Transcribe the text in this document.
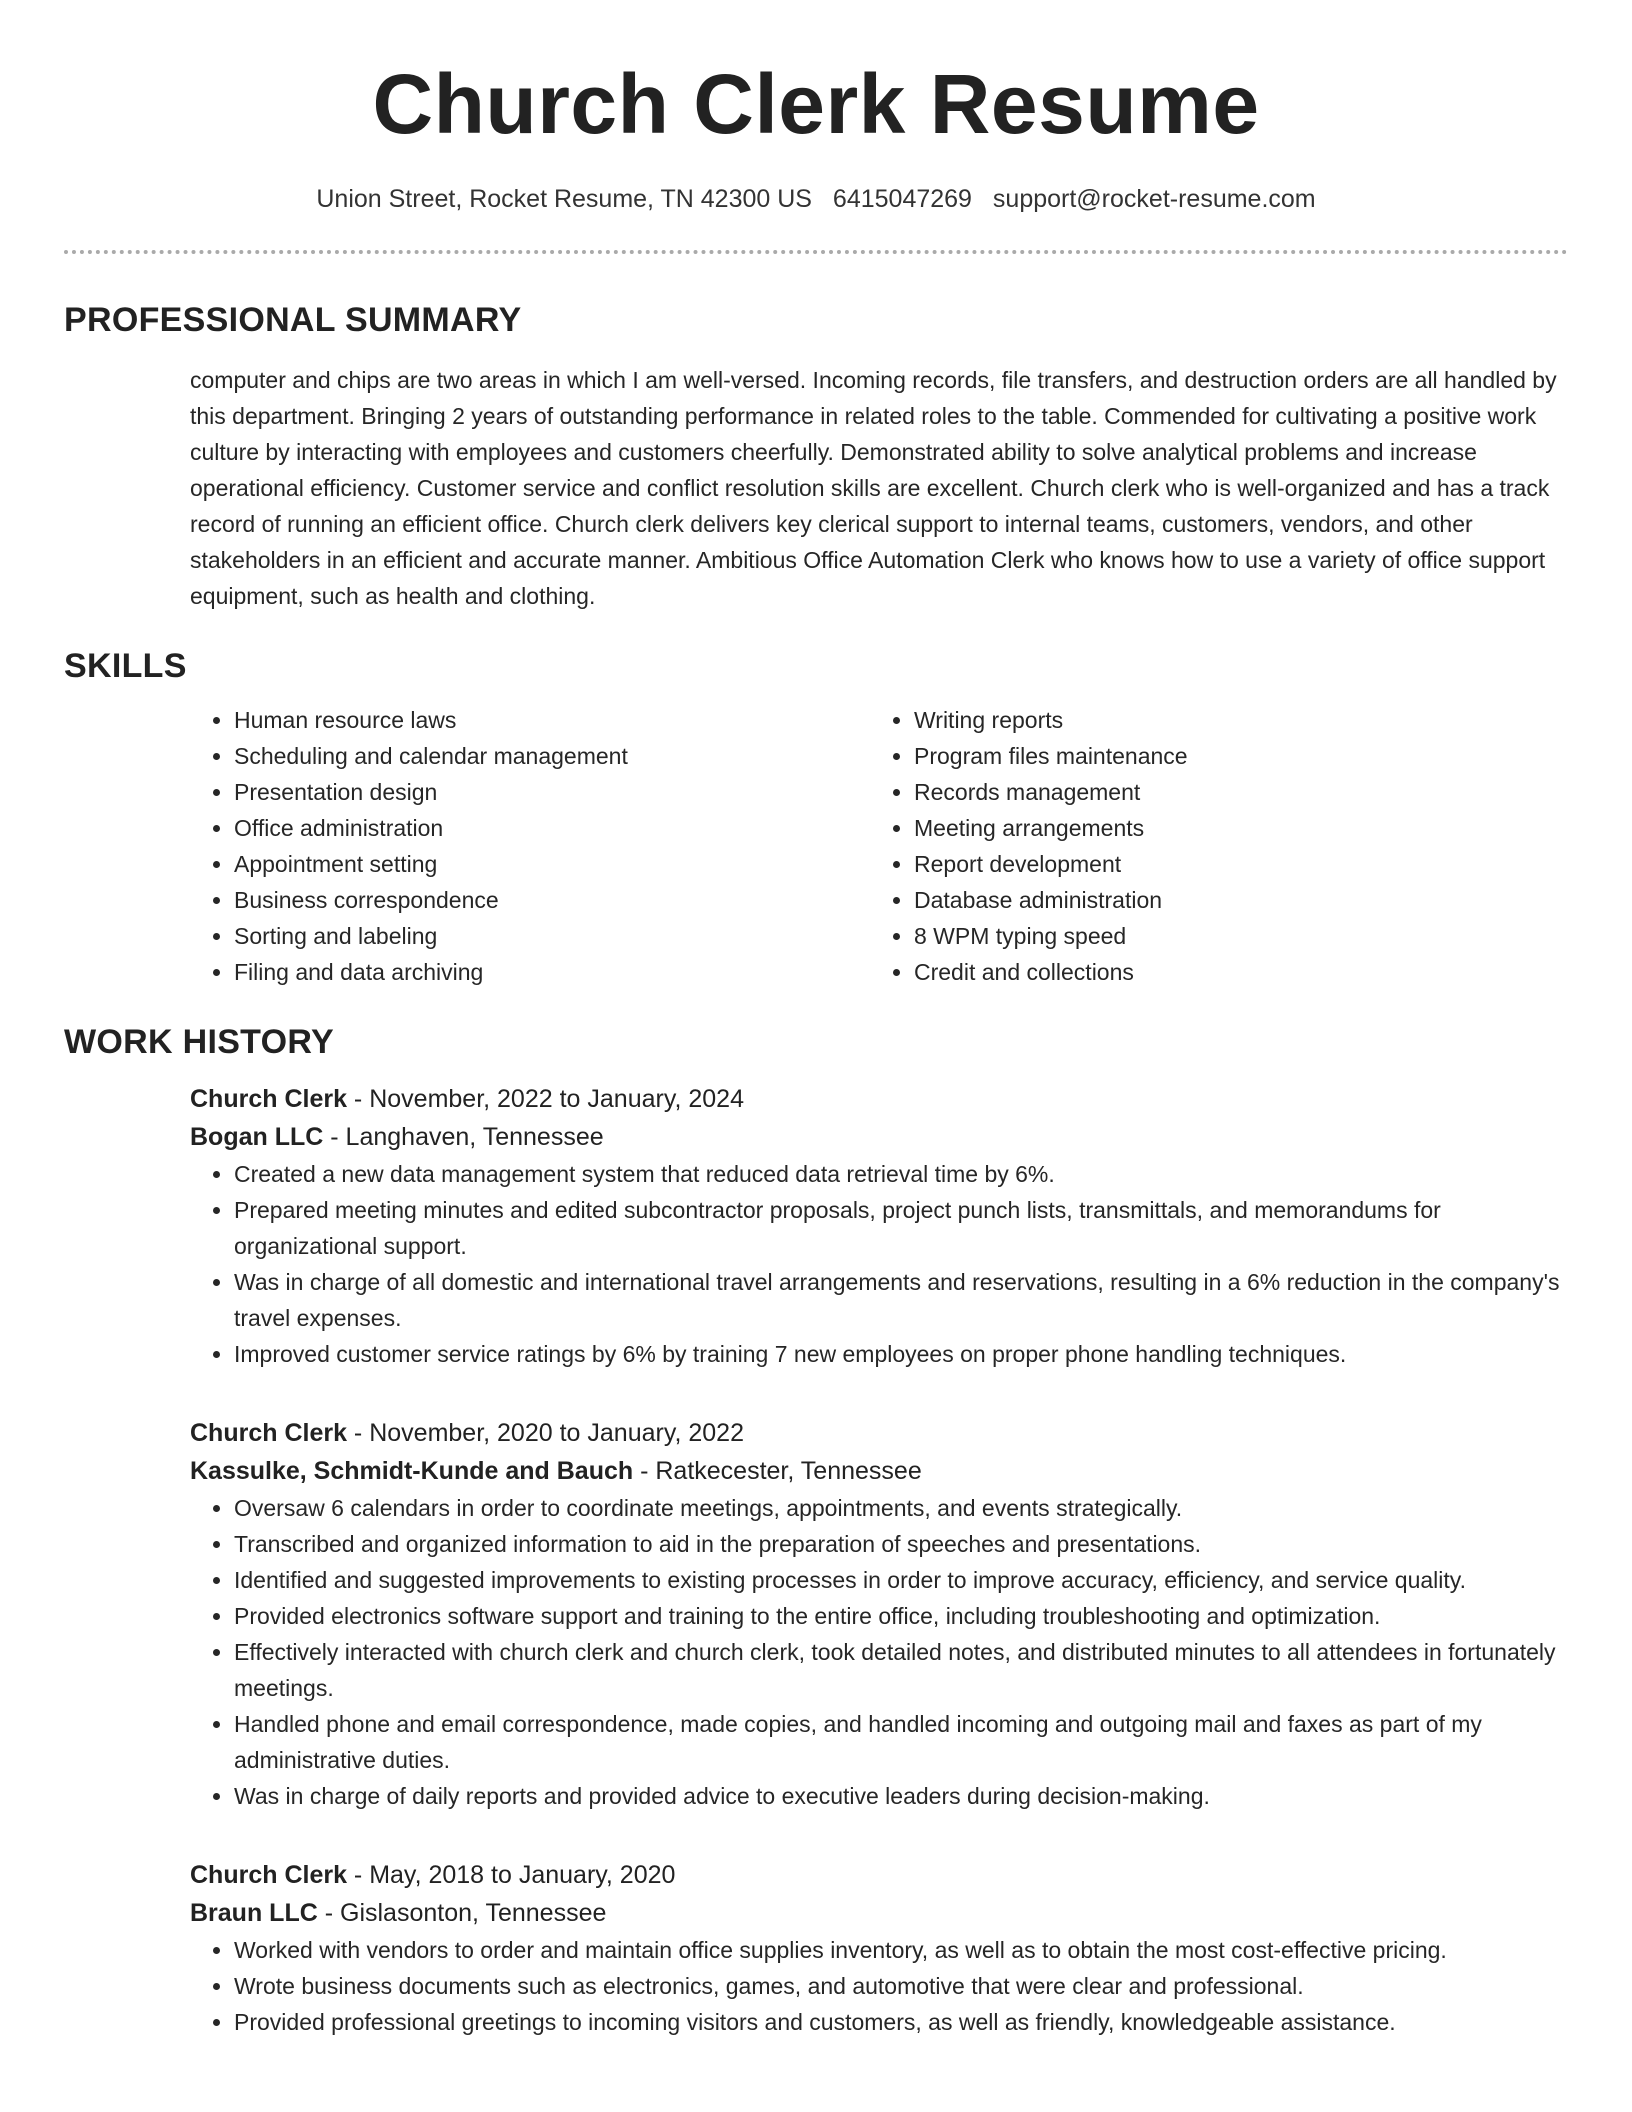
Church Clerk Resume
Union Street, Rocket Resume, TN 42300 US 6415047269 support@rocket-resume.com
PROFESSIONAL SUMMARY

computer and chips are two areas in which I am well-versed. Incoming records, file transfers, and destruction orders are all handled by this department. Bringing 2 years of outstanding performance in related roles to the table. Commended for cultivating a positive work culture by interacting with employees and customers cheerfully. Demonstrated ability to solve analytical problems and increase operational efficiency. Customer service and conflict resolution skills are excellent. Church clerk who is well-organized and has a track record of running an efficient office. Church clerk delivers key clerical support to internal teams, customers, vendors, and other stakeholders in an efficient and accurate manner. Ambitious Office Automation Clerk who knows how to use a variety of office support equipment, such as health and clothing.

SKILLS
• Human resource laws
• Scheduling and calendar management
• Presentation design
• Office administration
• Appointment setting
• Business correspondence
• Sorting and labeling
• Filing and data archiving
• Writing reports
• Program files maintenance
• Records management
• Meeting arrangements
• Report development
• Database administration
• 8 WPM typing speed
• Credit and collections
WORK HISTORY
Church Clerk - November, 2022 to January, 2024
Bogan LLC - Langhaven, Tennessee
• Created a new data management system that reduced data retrieval time by 6%.
• Prepared meeting minutes and edited subcontractor proposals, project punch lists, transmittals, and memorandums for organizational support.
• Was in charge of all domestic and international travel arrangements and reservations, resulting in a 6% reduction in the company's travel expenses.
• Improved customer service ratings by 6% by training 7 new employees on proper phone handling techniques.
Church Clerk - November, 2020 to January, 2022
Kassulke, Schmidt-Kunde and Bauch - Ratkecester, Tennessee
• Oversaw 6 calendars in order to coordinate meetings, appointments, and events strategically.
• Transcribed and organized information to aid in the preparation of speeches and presentations.
• Identified and suggested improvements to existing processes in order to improve accuracy, efficiency, and service quality.
• Provided electronics software support and training to the entire office, including troubleshooting and optimization.
• Effectively interacted with church clerk and church clerk, took detailed notes, and distributed minutes to all attendees in fortunately meetings.
• Handled phone and email correspondence, made copies, and handled incoming and outgoing mail and faxes as part of my administrative duties.
• Was in charge of daily reports and provided advice to executive leaders during decision-making.
Church Clerk - May, 2018 to January, 2020
Braun LLC - Gislasonton, Tennessee
• Worked with vendors to order and maintain office supplies inventory, as well as to obtain the most cost-effective pricing.
• Wrote business documents such as electronics, games, and automotive that were clear and professional.
• Provided professional greetings to incoming visitors and customers, as well as friendly, knowledgeable assistance.
